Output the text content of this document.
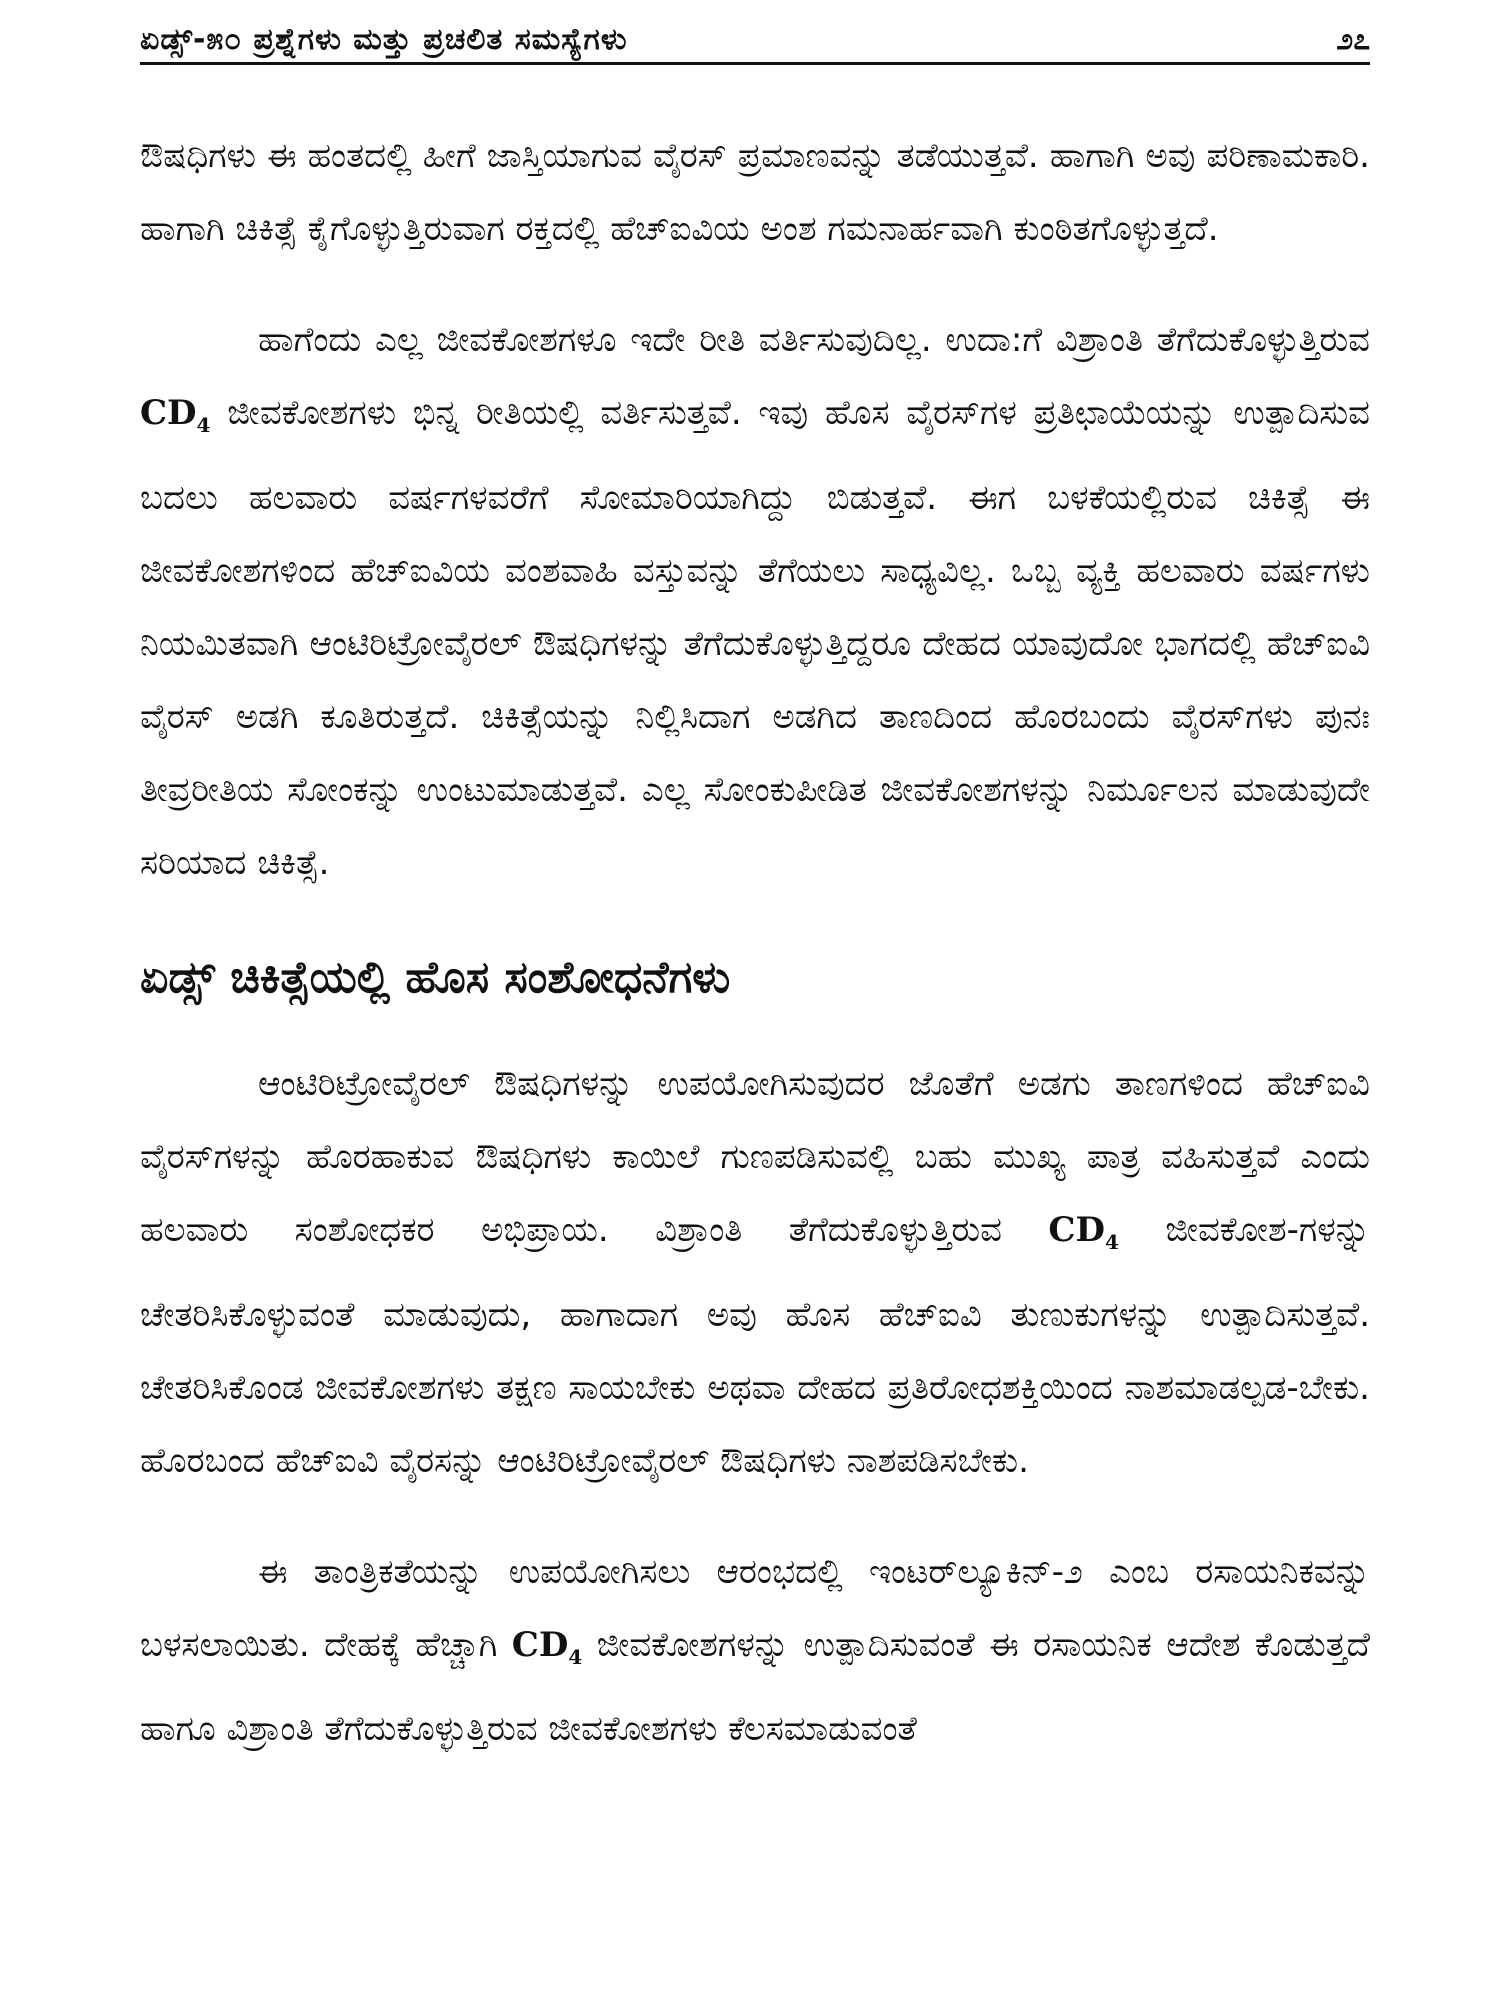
ಏಡ್ಸ್-೫೦ ಪ್ರಶ್ನೆಗಳು ಮತ್ತು ಪ್ರಚಲಿತ ಸಮಸ್ಯೆಗಳು	೨೭

ಔಷಧಿಗಳು ಈ ಹಂತದಲ್ಲಿ ಹೀಗೆ ಜಾಸ್ತಿಯಾಗುವ ವೈರಸ್ ಪ್ರಮಾಣವನ್ನು ತಡೆಯುತ್ತವೆ. ಹಾಗಾಗಿ ಅವು ಪರಿಣಾಮಕಾರಿ. ಹಾಗಾಗಿ ಚಿಕಿತ್ಸೆ ಕೈಗೊಳ್ಳುತ್ತಿರುವಾಗ ರಕ್ತದಲ್ಲಿ ಹೆಚ್‌ಐವಿಯ ಅಂಶ ಗಮನಾರ್ಹವಾಗಿ ಕುಂಠಿತಗೊಳ್ಳುತ್ತದೆ.

ಹಾಗೆಂದು ಎಲ್ಲ ಜೀವಕೋಶಗಳೂ ಇದೇ ರೀತಿ ವರ್ತಿಸುವುದಿಲ್ಲ. ಉದಾ:ಗೆ ವಿಶ್ರಾಂತಿ ತೆಗೆದುಕೊಳ್ಳುತ್ತಿರುವ $CD_4$ ಜೀವಕೋಶಗಳು ಭಿನ್ನ ರೀತಿಯಲ್ಲಿ ವರ್ತಿಸುತ್ತವೆ. ಇವು ಹೊಸ ವೈರಸ್‌ಗಳ ಪ್ರತಿಛಾಯೆಯನ್ನು ಉತ್ಪಾದಿಸುವ ಬದಲು ಹಲವಾರು ವರ್ಷಗಳವರೆಗೆ ಸೋಮಾರಿಯಾಗಿದ್ದು ಬಿಡುತ್ತವೆ. ಈಗ ಬಳಕೆಯಲ್ಲಿರುವ ಚಿಕಿತ್ಸೆ ಈ ಜೀವಕೋಶಗಳಿಂದ ಹೆಚ್‌ಐವಿಯ ವಂಶವಾಹಿ ವಸ್ತುವನ್ನು ತೆಗೆಯಲು ಸಾಧ್ಯವಿಲ್ಲ. ಒಬ್ಬ ವ್ಯಕ್ತಿ ಹಲವಾರು ವರ್ಷಗಳು ನಿಯಮಿತವಾಗಿ ಆಂಟಿರಿಟ್ರೋವೈರಲ್ ಔಷಧಿಗಳನ್ನು ತೆಗೆದುಕೊಳ್ಳುತ್ತಿದ್ದರೂ ದೇಹದ ಯಾವುದೋ ಭಾಗದಲ್ಲಿ ಹೆಚ್‌ಐವಿ ವೈರಸ್ ಅಡಗಿ ಕೂತಿರುತ್ತದೆ. ಚಿಕಿತ್ಸೆಯನ್ನು ನಿಲ್ಲಿಸಿದಾಗ ಅಡಗಿದ ತಾಣದಿಂದ ಹೊರಬಂದು ವೈರಸ್‌ಗಳು ಪುನಃ ತೀವ್ರರೀತಿಯ ಸೋಂಕನ್ನು ಉಂಟುಮಾಡುತ್ತವೆ. ಎಲ್ಲ ಸೋಂಕುಪೀಡಿತ ಜೀವಕೋಶಗಳನ್ನು ನಿರ್ಮೂಲನ ಮಾಡುವುದೇ ಸರಿಯಾದ ಚಿಕಿತ್ಸೆ.

ಏಡ್ಸ್ ಚಿಕಿತ್ಸೆಯಲ್ಲಿ ಹೊಸ ಸಂಶೋಧನೆಗಳು

ಆಂಟಿರಿಟ್ರೋವೈರಲ್ ಔಷಧಿಗಳನ್ನು ಉಪಯೋಗಿಸುವುದರ ಜೊತೆಗೆ ಅಡಗು ತಾಣಗಳಿಂದ ಹೆಚ್‌ಐವಿ ವೈರಸ್‌ಗಳನ್ನು ಹೊರಹಾಕುವ ಔಷಧಿಗಳು ಕಾಯಿಲೆ ಗುಣಪಡಿಸುವಲ್ಲಿ ಬಹು ಮುಖ್ಯ ಪಾತ್ರ ವಹಿಸುತ್ತವೆ ಎಂದು ಹಲವಾರು ಸಂಶೋಧಕರ ಅಭಿಪ್ರಾಯ. ವಿಶ್ರಾಂತಿ ತೆಗೆದುಕೊಳ್ಳುತ್ತಿರುವ $CD_4$ ಜೀವಕೋಶ-ಗಳನ್ನು ಚೇತರಿಸಿಕೊಳ್ಳುವಂತೆ ಮಾಡುವುದು, ಹಾಗಾದಾಗ ಅವು ಹೊಸ ಹೆಚ್‌ಐವಿ ತುಣುಕುಗಳನ್ನು ಉತ್ಪಾದಿಸುತ್ತವೆ. ಚೇತರಿಸಿಕೊಂಡ ಜೀವಕೋಶಗಳು ತಕ್ಷಣ ಸಾಯಬೇಕು ಅಥವಾ ದೇಹದ ಪ್ರತಿರೋಧಶಕ್ತಿಯಿಂದ ನಾಶಮಾಡಲ್ಪಡ-ಬೇಕು. ಹೊರಬಂದ ಹೆಚ್‌ಐವಿ ವೈರಸನ್ನು ಆಂಟಿರಿಟ್ರೋವೈರಲ್ ಔಷಧಿಗಳು ನಾಶಪಡಿಸಬೇಕು.

ಈ ತಾಂತ್ರಿಕತೆಯನ್ನು ಉಪಯೋಗಿಸಲು ಆರಂಭದಲ್ಲಿ ಇಂಟರ್‌ಲ್ಯೂಕಿನ್-೨ ಎಂಬ ರಸಾಯನಿಕವನ್ನು ಬಳಸಲಾಯಿತು. ದೇಹಕ್ಕೆ ಹೆಚ್ಚಾಗಿ $CD_4$ ಜೀವಕೋಶಗಳನ್ನು ಉತ್ಪಾದಿಸುವಂತೆ ಈ ರಸಾಯನಿಕ ಆದೇಶ ಕೊಡುತ್ತದೆ ಹಾಗೂ ವಿಶ್ರಾಂತಿ ತೆಗೆದುಕೊಳ್ಳುತ್ತಿರುವ ಜೀವಕೋಶಗಳು ಕೆಲಸಮಾಡುವಂತೆ
